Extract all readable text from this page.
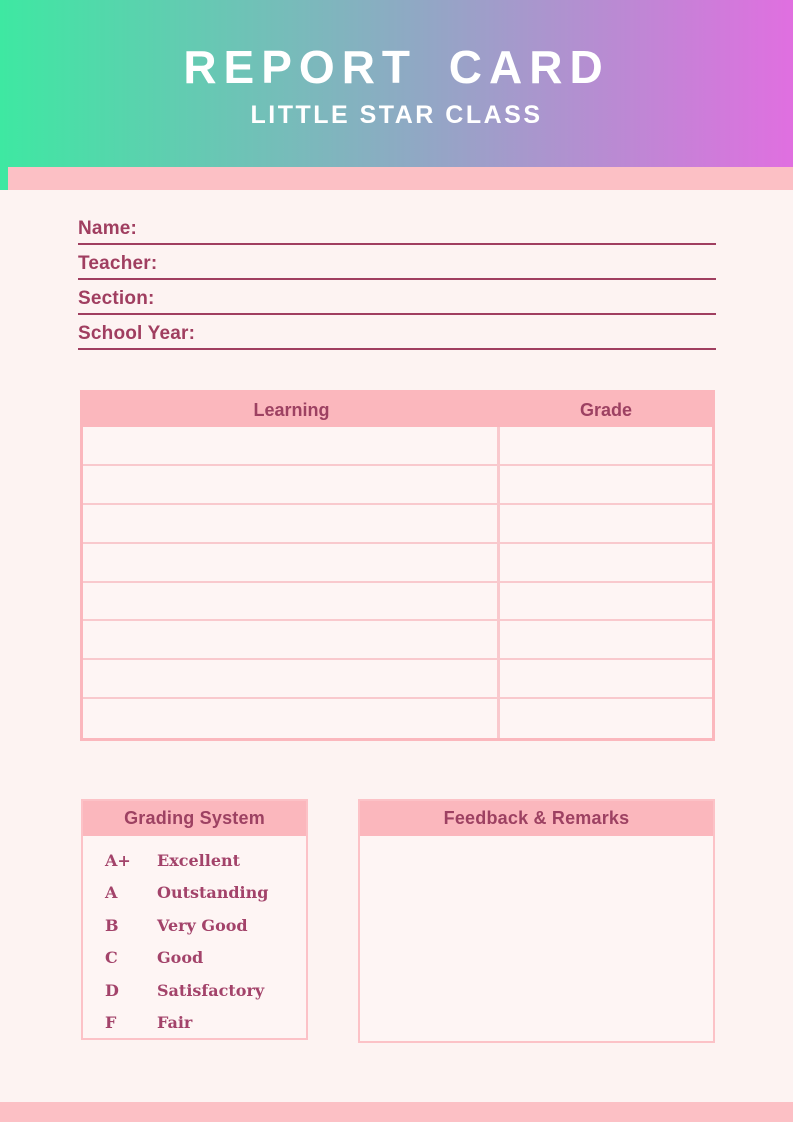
REPORT CARD
LITTLE STAR CLASS
Name:
Teacher:
Section:
School Year:
Learning	Grade
Grading System
A+	Excellent
A	Outstanding
B	Very Good
C	Good
D	Satisfactory
F	Fair
Feedback & Remarks
